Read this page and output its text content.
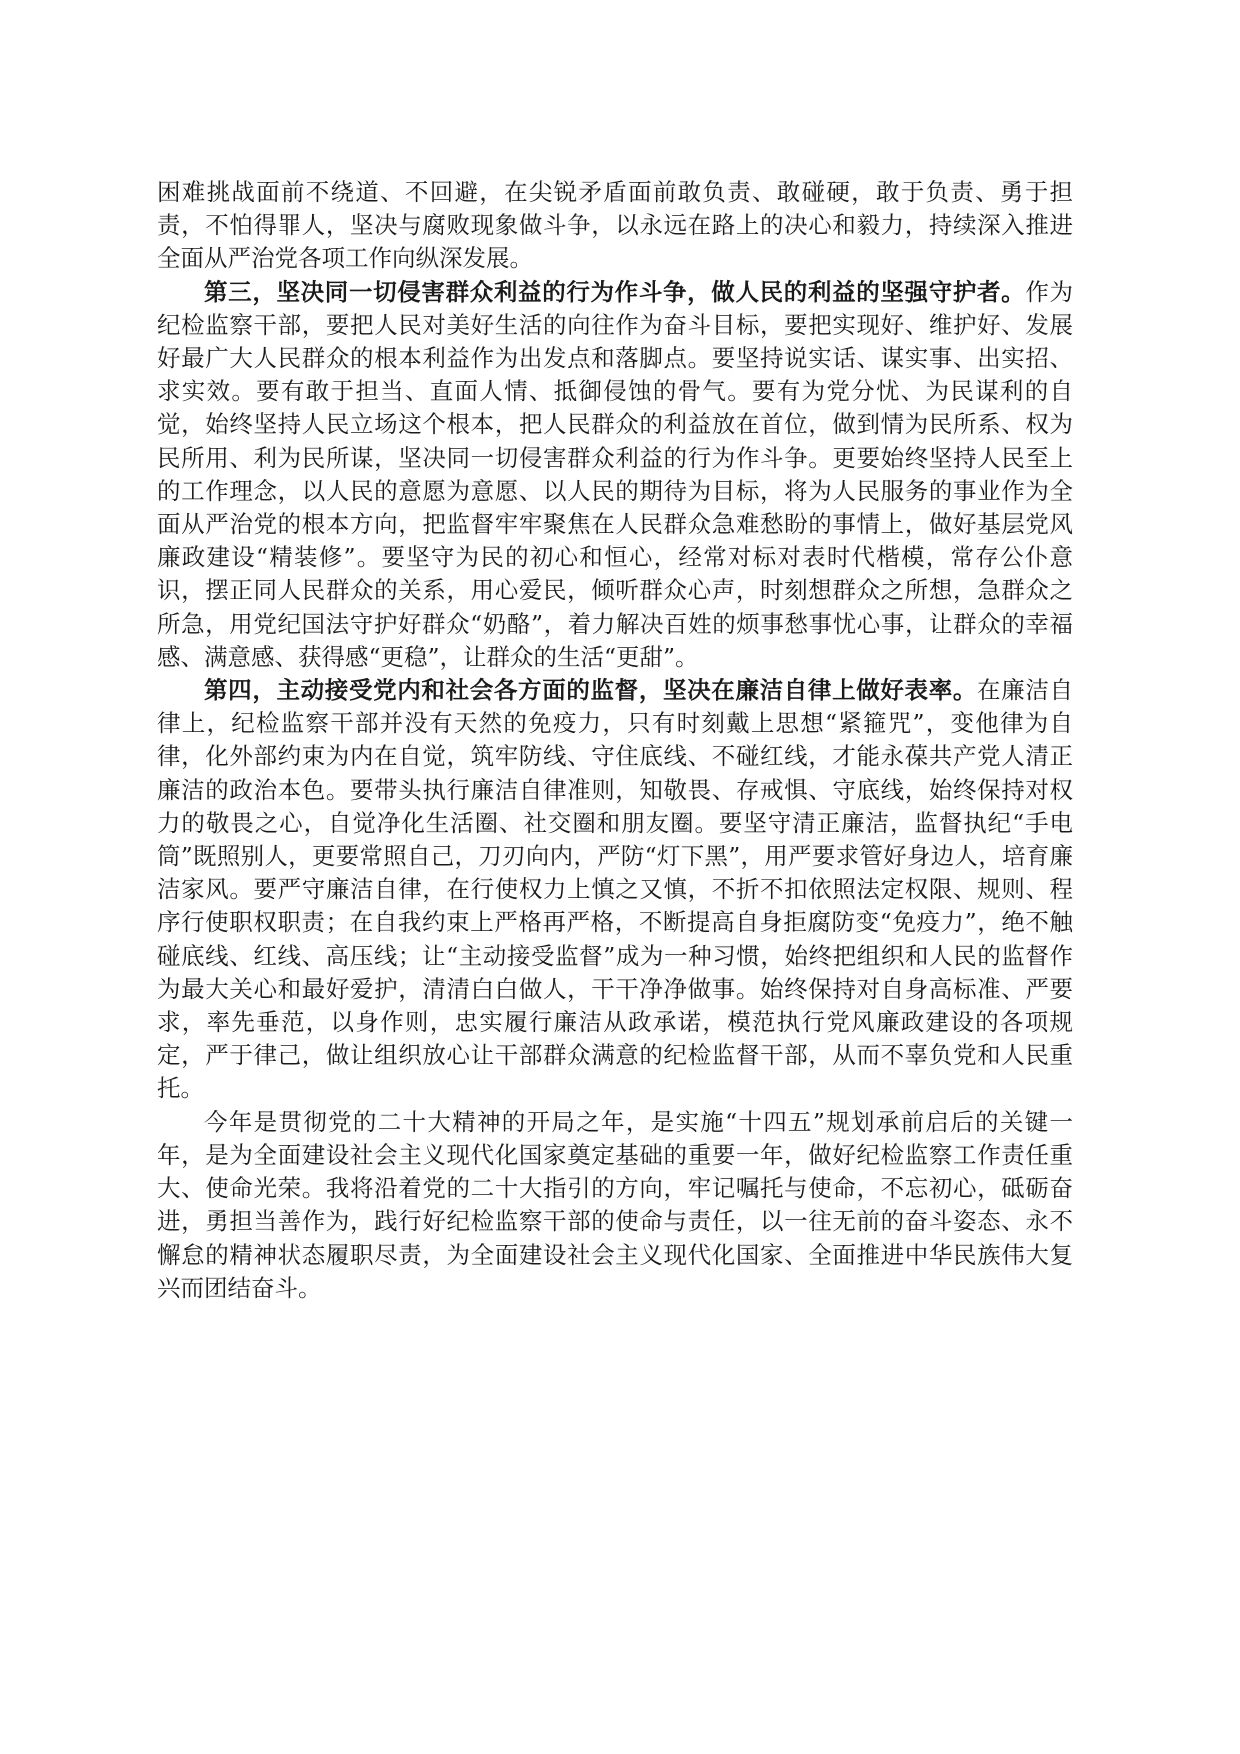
困难挑战面前不绕道、不回避，在尖锐矛盾面前敢负责、敢碰硬，敢于负责、勇于担责，不怕得罪人，坚决与腐败现象做斗争，以永远在路上的决心和毅力，持续深入推进全面从严治党各项工作向纵深发展。

第三，坚决同一切侵害群众利益的行为作斗争，做人民的利益的坚强守护者。作为纪检监察干部，要把人民对美好生活的向往作为奋斗目标，要把实现好、维护好、发展好最广大人民群众的根本利益作为出发点和落脚点。要坚持说实话、谋实事、出实招、求实效。要有敢于担当、直面人情、抵御侵蚀的骨气。要有为党分忧、为民谋利的自觉，始终坚持人民立场这个根本，把人民群众的利益放在首位，做到情为民所系、权为民所用、利为民所谋，坚决同一切侵害群众利益的行为作斗争。更要始终坚持人民至上的工作理念，以人民的意愿为意愿、以人民的期待为目标，将为人民服务的事业作为全面从严治党的根本方向，把监督牢牢聚焦在人民群众急难愁盼的事情上，做好基层党风廉政建设“精装修”。要坚守为民的初心和恒心，经常对标对表时代楷模，常存公仆意识，摆正同人民群众的关系，用心爱民，倾听群众心声，时刻想群众之所想，急群众之所急，用党纪国法守护好群众“奶酪”，着力解决百姓的烦事愁事忧心事，让群众的幸福感、满意感、获得感“更稳”，让群众的生活“更甜”。

第四，主动接受党内和社会各方面的监督，坚决在廉洁自律上做好表率。在廉洁自律上，纪检监察干部并没有天然的免疫力，只有时刻戴上思想“紧箍咒”，变他律为自律，化外部约束为内在自觉，筑牢防线、守住底线、不碰红线，才能永葆共产党人清正廉洁的政治本色。要带头执行廉洁自律准则，知敬畏、存戒惧、守底线，始终保持对权力的敬畏之心，自觉净化生活圈、社交圈和朋友圈。要坚守清正廉洁，监督执纪“手电筒”既照别人，更要常照自己，刀刃向内，严防“灯下黑”，用严要求管好身边人，培育廉洁家风。要严守廉洁自律，在行使权力上慎之又慎，不折不扣依照法定权限、规则、程序行使职权职责；在自我约束上严格再严格，不断提高自身拒腐防变“免疫力”，绝不触碰底线、红线、高压线；让“主动接受监督”成为一种习惯，始终把组织和人民的监督作为最大关心和最好爱护，清清白白做人，干干净净做事。始终保持对自身高标准、严要求，率先垂范，以身作则，忠实履行廉洁从政承诺，模范执行党风廉政建设的各项规定，严于律己，做让组织放心让干部群众满意的纪检监督干部，从而不辜负党和人民重托。

今年是贯彻党的二十大精神的开局之年，是实施“十四五”规划承前启后的关键一年，是为全面建设社会主义现代化国家奠定基础的重要一年，做好纪检监察工作责任重大、使命光荣。我将沿着党的二十大指引的方向，牢记嘱托与使命，不忘初心，砥砺奋进，勇担当善作为，践行好纪检监察干部的使命与责任，以一往无前的奋斗姿态、永不懈怠的精神状态履职尽责，为全面建设社会主义现代化国家、全面推进中华民族伟大复兴而团结奋斗。
